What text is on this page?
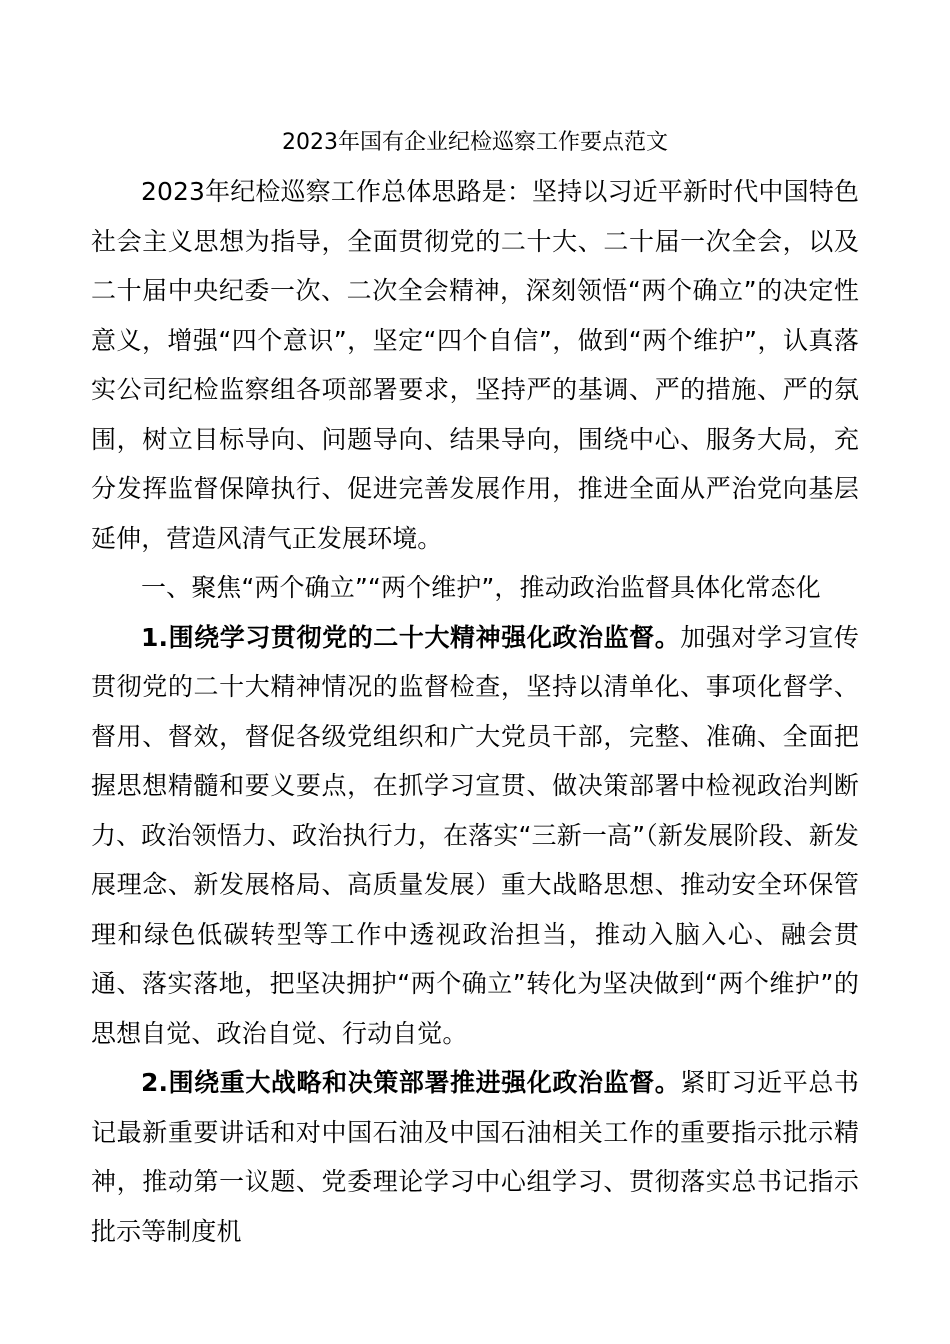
2023年国有企业纪检巡察工作要点范文

2023年纪检巡察工作总体思路是：坚持以习近平新时代中国特色社会主义思想为指导，全面贯彻党的二十大、二十届一次全会，以及二十届中央纪委一次、二次全会精神，深刻领悟“两个确立”的决定性意义，增强“四个意识”，坚定“四个自信”，做到“两个维护”，认真落实公司纪检监察组各项部署要求，坚持严的基调、严的措施、严的氛围，树立目标导向、问题导向、结果导向，围绕中心、服务大局，充分发挥监督保障执行、促进完善发展作用，推进全面从严治党向基层延伸，营造风清气正发展环境。

一、聚焦“两个确立”“两个维护”，推动政治监督具体化常态化

1.围绕学习贯彻党的二十大精神强化政治监督。加强对学习宣传贯彻党的二十大精神情况的监督检查，坚持以清单化、事项化督学、督用、督效，督促各级党组织和广大党员干部，完整、准确、全面把握思想精髓和要义要点，在抓学习宣贯、做决策部署中检视政治判断力、政治领悟力、政治执行力，在落实“三新一高”（新发展阶段、新发展理念、新发展格局、高质量发展）重大战略思想、推动安全环保管理和绿色低碳转型等工作中透视政治担当，推动入脑入心、融会贯通、落实落地，把坚决拥护“两个确立”转化为坚决做到“两个维护”的思想自觉、政治自觉、行动自觉。

2.围绕重大战略和决策部署推进强化政治监督。紧盯习近平总书记最新重要讲话和对中国石油及中国石油相关工作的重要指示批示精神，推动第一议题、党委理论学习中心组学习、贯彻落实总书记指示批示等制度机
